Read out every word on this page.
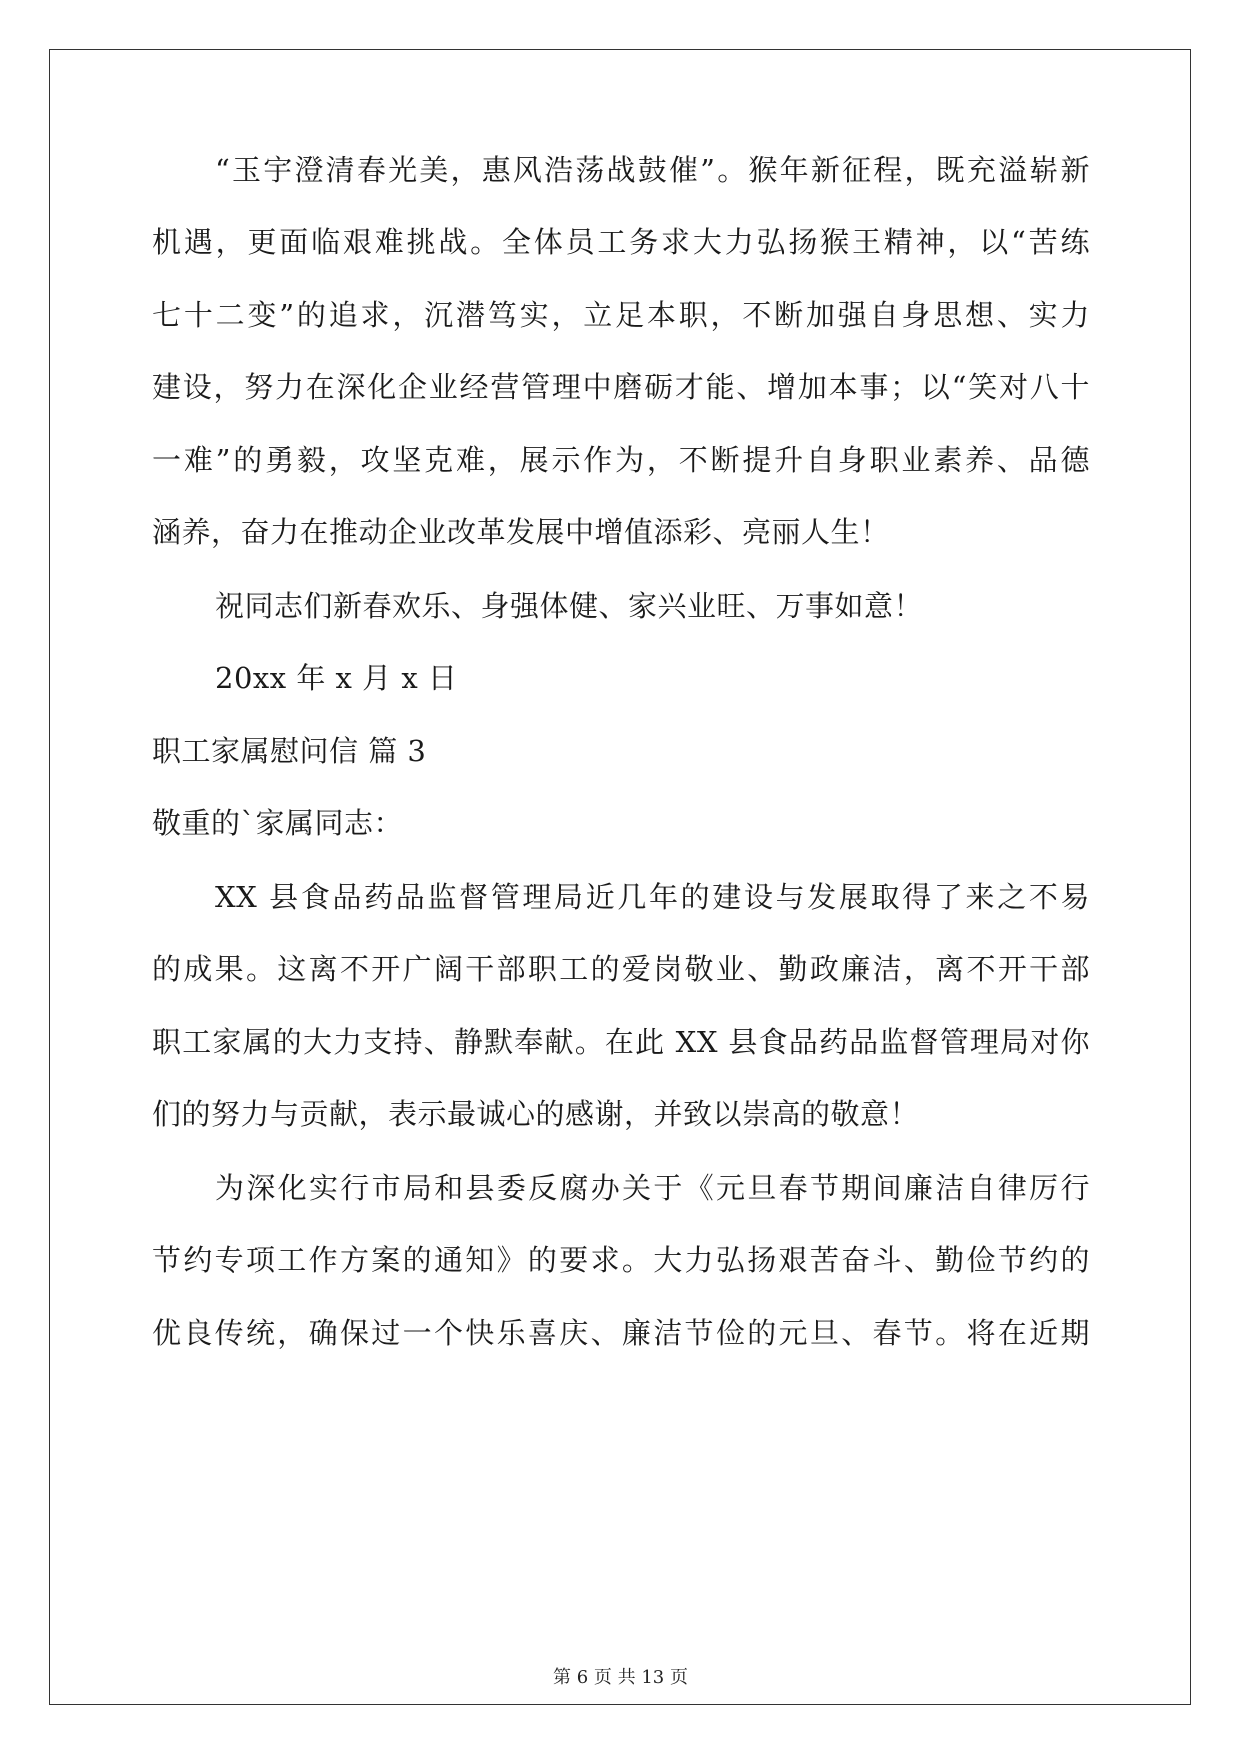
“玉宇澄清春光美，惠风浩荡战鼓催”。猴年新征程，既充溢崭新
机遇，更面临艰难挑战。全体员工务求大力弘扬猴王精神，以“苦练
七十二变”的追求，沉潜笃实，立足本职，不断加强自身思想、实力
建设，努力在深化企业经营管理中磨砺才能、增加本事；以“笑对八十
一难”的勇毅，攻坚克难，展示作为，不断提升自身职业素养、品德
涵养，奋力在推动企业改革发展中增值添彩、亮丽人生！
祝同志们新春欢乐、身强体健、家兴业旺、万事如意！
20xx 年 x 月 x 日
职工家属慰问信 篇 3
敬重的`家属同志：
XX 县食品药品监督管理局近几年的建设与发展取得了来之不易
的成果。这离不开广阔干部职工的爱岗敬业、勤政廉洁，离不开干部
职工家属的大力支持、静默奉献。在此 XX 县食品药品监督管理局对你
们的努力与贡献，表示最诚心的感谢，并致以崇高的敬意！
为深化实行市局和县委反腐办关于《元旦春节期间廉洁自律厉行
节约专项工作方案的通知》的要求。大力弘扬艰苦奋斗、勤俭节约的
优良传统，确保过一个快乐喜庆、廉洁节俭的元旦、春节。将在近期
第 6 页 共 13 页
